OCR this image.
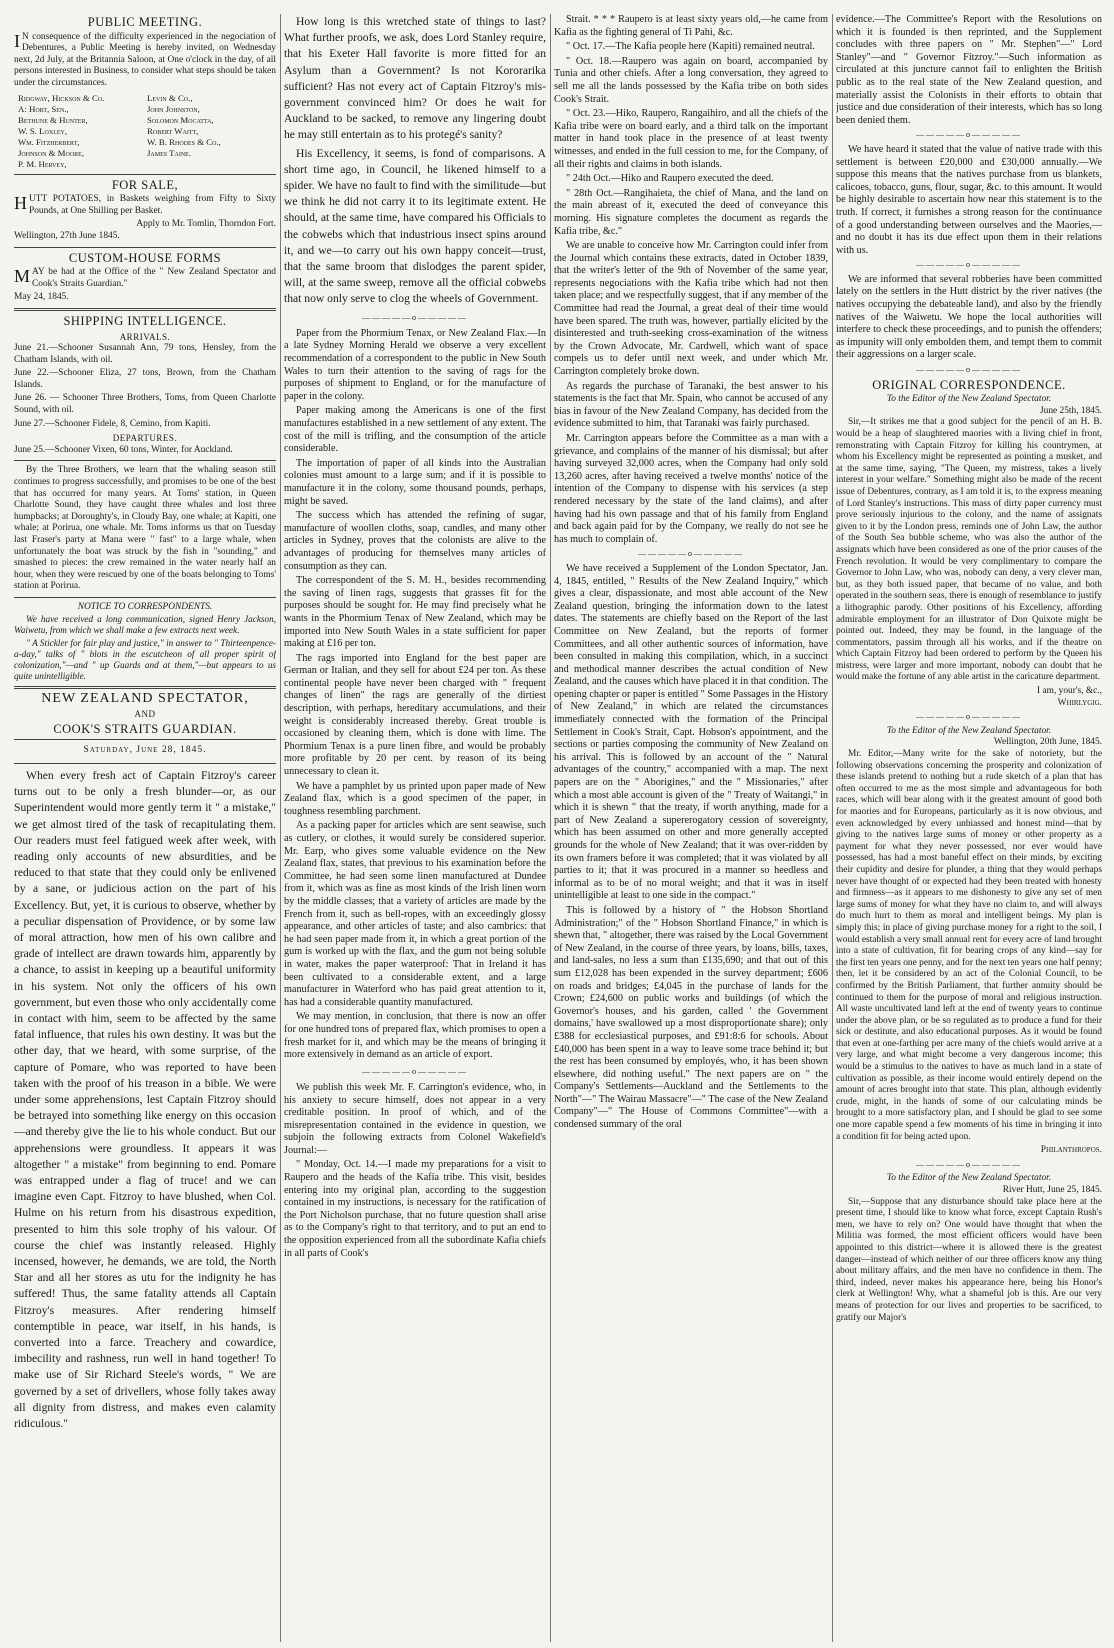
PUBLIC MEETING.

I N consequence of the difficulty experienced in the negociation of Debentures, a Public Meeting is hereby invited, on Wednesday next, 2d July, at the Britannia Saloon, at One o'clock in the day, of all persons interested in Business, to consider what steps should be taken under the circumstances.

Ridgway, Hickson & Co.	Levin & Co.,
A: Hort, Sen.,	John Johnston,
Bethune & Hunter,	Solomon Mocatta,
W. S. Loxley,	Robert Waitt,
Wm. Fitzherbert,	W. B. Rhodes & Co.,
Johnson & Moore,	James Taine.
P. M. Hervey,
FOR SALE,

HUTT POTATOES, in Baskets weighing from Fifty to Sixty Pounds, at One Shilling per Basket.

Apply to Mr. Tomlin, Thorndon Fort.
Wellington, 27th June 1845.
CUSTOM-HOUSE FORMS

MAY be had at the Office of the " New Zealand Spectator and Cook's Straits Guardian."

May 24, 1845.
SHIPPING INTELLIGENCE.
ARRIVALS.

June 21.—Schooner Susannah Ann, 79 tons, Hensley, from the Chatham Islands, with oil.

June 22.—Schooner Eliza, 27 tons, Brown, from the Chatham Islands.

June 26. — Schooner Three Brothers, Toms, from Queen Charlotte Sound, with oil.

June 27.—Schooner Fidele, 8, Cemino, from Kapiti.

DEPARTURES.

June 25.—Schooner Vixen, 60 tons, Winter, for Auckland.

By the Three Brothers, we learn that the whaling season still continues to progress successfully, and promises to be one of the best that has occurred for many years. At Toms' station, in Queen Charlotte Sound, they have caught three whales and lost three humpbacks; at Doroughty's, in Cloudy Bay, one whale; at Kapiti, one whale; at Porirua, one whale. Mr. Toms informs us that on Tuesday last Fraser's party at Mana were " fast" to a large whale, when unfortunately the boat was struck by the fish in "sounding," and smashed to pieces: the crew remained in the water nearly half an hour, when they were rescued by one of the boats belonging to Toms' station at Porirua.

NOTICE TO CORRESPONDENTS.

We have received a long communication, signed Henry Jackson, Waiwetu, from which we shall make a few extracts next week.

" A Stickler for fair play and justice," in answer to " Thirteenpence-a-day," talks of " blots in the escutcheon of all proper spirit of colonization,"—and " up Guards and at them,"—but appears to us quite unintelligible.

NEW ZEALAND SPECTATOR,
AND
COOK'S STRAITS GUARDIAN.
Saturday, June 28, 1845.

When every fresh act of Captain Fitzroy's career turns out to be only a fresh blunder—or, as our Superintendent would more gently term it " a mistake," we get almost tired of the task of recapitulating them. Our readers must feel fatigued week after week, with reading only accounts of new absurdities, and be reduced to that state that they could only be enlivened by a sane, or judicious action on the part of his Excellency. But, yet, it is curious to observe, whether by a peculiar dispensation of Providence, or by some law of moral attraction, how men of his own calibre and grade of intellect are drawn towards him, apparently by a chance, to assist in keeping up a beautiful uniformity in his system. Not only the officers of his own government, but even those who only accidentally come in contact with him, seem to be affected by the same fatal influence, that rules his own destiny. It was but the other day, that we heard, with some surprise, of the capture of Pomare, who was reported to have been taken with the proof of his treason in a bible. We were under some apprehensions, lest Captain Fitzroy should be betrayed into something like energy on this occasion—and thereby give the lie to his whole conduct. But our apprehensions were groundless. It appears it was altogether " a mistake" from beginning to end. Pomare was entrapped under a flag of truce! and we can imagine even Capt. Fitzroy to have blushed, when Col. Hulme on his return from his disastrous expedition, presented to him this sole trophy of his valour. Of course the chief was instantly released. Highly incensed, however, he demands, we are told, the North Star and all her stores as utu for the indignity he has suffered! Thus, the same fatality attends all Captain Fitzroy's measures. After rendering himself contemptible in peace, war itself, in his hands, is converted into a farce. Treachery and cowardice, imbecility and rashness, run well in hand together! To make use of Sir Richard Steele's words, " We are governed by a set of drivellers, whose folly takes away all dignity from distress, and makes even calamity ridiculous."

How long is this wretched state of things to last? What further proofs, we ask, does Lord Stanley require, that his Exeter Hall favorite is more fitted for an Asylum than a Government? Is not Kororarika sufficient? Has not every act of Captain Fitzroy's mis-government convinced him? Or does he wait for Auckland to be sacked, to remove any lingering doubt he may still entertain as to his protegé's sanity?

His Excellency, it seems, is fond of comparisons. A short time ago, in Council, he likened himself to a spider. We have no fault to find with the similitude—but we think he did not carry it to its legitimate extent. He should, at the same time, have compared his Officials to the cobwebs which that industrious insect spins around it, and we—to carry out his own happy conceit—trust, that the same broom that dislodges the parent spider, will, at the same sweep, remove all the official cobwebs that now only serve to clog the wheels of Government.

—————o—————

Paper from the Phormium Tenax, or New Zealand Flax.—In a late Sydney Morning Herald we observe a very excellent recommendation of a correspondent to the public in New South Wales to turn their attention to the saving of rags for the purposes of shipment to England, or for the manufacture of paper in the colony.

Paper making among the Americans is one of the first manufactures established in a new settlement of any extent. The cost of the mill is trifling, and the consumption of the article considerable.

The importation of paper of all kinds into the Australian colonies must amount to a large sum; and if it is possible to manufacture it in the colony, some thousand pounds, perhaps, might be saved.

The success which has attended the refining of sugar, manufacture of woollen cloths, soap, candles, and many other articles in Sydney, proves that the colonists are alive to the advantages of producing for themselves many articles of consumption as they can.

The correspondent of the S. M. H., besides recommending the saving of linen rags, suggests that grasses fit for the purposes should be sought for. He may find precisely what he wants in the Phormium Tenax of New Zealand, which may be imported into New South Wales in a state sufficient for paper making at £16 per ton.

The rags imported into England for the best paper are German or Italian, and they sell for about £24 per ton. As these continental people have never been charged with " frequent changes of linen" the rags are generally of the dirtiest description, with perhaps, hereditary accumulations, and their weight is considerably increased thereby. Great trouble is occasioned by cleaning them, which is done with lime. The Phormium Tenax is a pure linen fibre, and would be probably more profitable by 20 per cent. by reason of its being unnecessary to clean it.

We have a pamphlet by us printed upon paper made of New Zealand flax, which is a good specimen of the paper, in toughness resembling parchment.

As a packing paper for articles which are sent seawise, such as cutlery, or clothes, it would surely be considered superior. Mr. Earp, who gives some valuable evidence on the New Zealand flax, states, that previous to his examination before the Committee, he had seen some linen manufactured at Dundee from it, which was as fine as most kinds of the Irish linen worn by the middle classes; that a variety of articles are made by the French from it, such as bell-ropes, with an exceedingly glossy appearance, and other articles of taste; and also cambrics: that he had seen paper made from it, in which a great portion of the gum is worked up with the flax, and the gum not being soluble in water, makes the paper waterproof: That in Ireland it has been cultivated to a considerable extent, and a large manufacturer in Waterford who has paid great attention to it, has had a considerable quantity manufactured.

We may mention, in conclusion, that there is now an offer for one hundred tons of prepared flax, which promises to open a fresh market for it, and which may be the means of bringing it more extensively in demand as an article of export.

—————o—————

We publish this week Mr. F. Carrington's evidence, who, in his anxiety to secure himself, does not appear in a very creditable position. In proof of which, and of the misrepresentation contained in the evidence in question, we subjoin the following extracts from Colonel Wakefield's Journal:—

" Monday, Oct. 14.—I made my preparations for a visit to Raupero and the heads of the Kafia tribe. This visit, besides entering into my original plan, according to the suggestion contained in my instructions, is necessary for the ratification of the Port Nicholson purchase, that no future question shall arise as to the Company's right to that territory, and to put an end to the opposition experienced from all the subordinate Kafia chiefs in all parts of Cook's

Strait. * * * Raupero is at least sixty years old,—he came from Kafia as the fighting general of Ti Pahi, &c.

" Oct. 17.—The Kafia people here (Kapiti) remained neutral.

" Oct. 18.—Raupero was again on board, accompanied by Tunia and other chiefs. After a long conversation, they agreed to sell me all the lands possessed by the Kafia tribe on both sides Cook's Strait.

" Oct. 23.—Hiko, Raupero, Rangaihiro, and all the chiefs of the Kafia tribe were on board early, and a third talk on the important matter in hand took place in the presence of at least twenty witnesses, and ended in the full cession to me, for the Company, of all their rights and claims in both islands.

" 24th Oct.—Hiko and Raupero executed the deed.

" 28th Oct.—Rangihaieta, the chief of Mana, and the land on the main abreast of it, executed the deed of conveyance this morning. His signature completes the document as regards the Kafia tribe, &c."

We are unable to conceive how Mr. Carrington could infer from the Journal which contains these extracts, dated in October 1839, that the writer's letter of the 9th of November of the same year, represents negociations with the Kafia tribe which had not then taken place; and we respectfully suggest, that if any member of the Committee had read the Journal, a great deal of their time would have been spared. The truth was, however, partially elicited by the disinterested and truth-seeking cross-examination of the witness by the Crown Advocate, Mr. Cardwell, which want of space compels us to defer until next week, and under which Mr. Carrington completely broke down.

As regards the purchase of Taranaki, the best answer to his statements is the fact that Mr. Spain, who cannot be accused of any bias in favour of the New Zealand Company, has decided from the evidence submitted to him, that Taranaki was fairly purchased.

Mr. Carrington appears before the Committee as a man with a grievance, and complains of the manner of his dismissal; but after having surveyed 32,000 acres, when the Company had only sold 13,260 acres, after having received a twelve months' notice of the intention of the Company to dispense with his services (a step rendered necessary by the state of the land claims), and after having had his own passage and that of his family from England and back again paid for by the Company, we really do not see he has much to complain of.

—————o—————

We have received a Supplement of the London Spectator, Jan. 4, 1845, entitled, " Results of the New Zealand Inquiry," which gives a clear, dispassionate, and most able account of the New Zealand question, bringing the information down to the latest dates. The statements are chiefly based on the Report of the last Committee on New Zealand, but the reports of former Committees, and all other authentic sources of information, have been consulted in making this compilation, which, in a succinct and methodical manner describes the actual condition of New Zealand, and the causes which have placed it in that condition. The opening chapter or paper is entitled " Some Passages in the History of New Zealand," in which are related the circumstances immediately connected with the formation of the Principal Settlement in Cook's Strait, Capt. Hobson's appointment, and the sections or parties composing the community of New Zealand on his arrival. This is followed by an account of the " Natural advantages of the country," accompanied with a map. The next papers are on the " Aborigines," and the " Missionaries," after which a most able account is given of the " Treaty of Waitangi," in which it is shewn " that the treaty, if worth anything, made for a part of New Zealand a supererogatory cession of sovereignty, which has been assumed on other and more generally accepted grounds for the whole of New Zealand; that it was over-ridden by its own framers before it was completed; that it was violated by all parties to it; that it was procured in a manner so heedless and informal as to be of no moral weight; and that it was in itself unintelligible at least to one side in the compact."

This is followed by a history of " the Hobson Shortland Administration;" of the " Hobson Shortland Finance," in which is shewn that, " altogether, there was raised by the Local Government of New Zealand, in the course of three years, by loans, bills, taxes, and land-sales, no less a sum than £135,690; and that out of this sum £12,028 has been expended in the survey department; £606 on roads and bridges; £4,045 in the purchase of lands for the Crown; £24,600 on public works and buildings (of which the Governor's houses, and his garden, called ' the Government domains,' have swallowed up a most disproportionate share); only £388 for ecclesiastical purposes, and £91:8:6 for schools. About £40,000 has been spent in a way to leave some trace behind it; but the rest has been consumed by employés, who, it has been shown elsewhere, did nothing useful." The next papers are on " the Company's Settlements—Auckland and the Settlements to the North"—" The Wairau Massacre"—" The case of the New Zealand Company"—" The House of Commons Committee"—with a condensed summary of the oral

evidence.—The Committee's Report with the Resolutions on which it is founded is then reprinted, and the Supplement concludes with three papers on " Mr. Stephen"—" Lord Stanley"—and " Governor Fitzroy."—Such information as circulated at this juncture cannot fail to enlighten the British public as to the real state of the New Zealand question, and materially assist the Colonists in their efforts to obtain that justice and due consideration of their interests, which has so long been denied them.

—————o—————

We have heard it stated that the value of native trade with this settlement is between £20,000 and £30,000 annually.—We suppose this means that the natives purchase from us blankets, calicoes, tobacco, guns, flour, sugar, &c. to this amount. It would be highly desirable to ascertain how near this statement is to the truth. If correct, it furnishes a strong reason for the continuance of a good understanding between ourselves and the Maories,—and no doubt it has its due effect upon them in their relations with us.

—————o—————

We are informed that several robberies have been committed lately on the settlers in the Hutt district by the river natives (the natives occupying the debateable land), and also by the friendly natives of the Waiwetu. We hope the local authorities will interfere to check these proceedings, and to punish the offenders; as impunity will only embolden them, and tempt them to commit their aggressions on a larger scale.

—————o—————
ORIGINAL CORRESPONDENCE.
To the Editor of the New Zealand Spectator.
June 25th, 1845.

Sir,—It strikes me that a good subject for the pencil of an H. B. would be a heap of slaughtered maories with a living chief in front, remonstrating with Captain Fitzroy for killing his countrymen, at whom his Excellency might be represented as pointing a musket, and at the same time, saying, "The Queen, my mistress, takes a lively interest in your welfare." Something might also be made of the recent issue of Debentures, contrary, as I am told it is, to the express meaning of Lord Stanley's instructions. This mass of dirty paper currency must prove seriously injurious to the colony, and the name of assignats given to it by the London press, reminds one of John Law, the author of the South Sea bubble scheme, who was also the author of the assignats which have been considered as one of the prior causes of the French revolution. It would be very complimentary to compare the Governor to John Law, who was, nobody can deny, a very clever man, but, as they both issued paper, that became of no value, and both operated in the southern seas, there is enough of resemblance to justify a lithographic parody. Other positions of his Excellency, affording admirable employment for an illustrator of Don Quixote might be pointed out. Indeed, they may be found, in the language of the commentators, passim through all his works, and if the theatre on which Captain Fitzroy had been ordered to perform by the Queen his mistress, were larger and more important, nobody can doubt that he would make the fortune of any able artist in the caricature department.

I am, your's, &c.,
Whirlygig.
—————o—————
To the Editor of the New Zealand Spectator.
Wellington, 20th June, 1845.

Mr. Editor,—Many write for the sake of notoriety, but the following observations concerning the prosperity and colonization of these islands pretend to nothing but a rude sketch of a plan that has often occurred to me as the most simple and advantageous for both races, which will bear along with it the greatest amount of good both for maories and for Europeans, particularly as it is now obvious, and even acknowledged by every unbiassed and honest mind—that by giving to the natives large sums of money or other property as a payment for what they never possessed, nor ever would have possessed, has had a most baneful effect on their minds, by exciting their cupidity and desire for plunder, a thing that they would perhaps never have thought of or expected had they been treated with honesty and firmness—as it appears to me dishonesty to give any set of men large sums of money for what they have no claim to, and will always do much hurt to them as moral and intelligent beings. My plan is simply this; in place of giving purchase money for a right to the soil, I would establish a very small annual rent for every acre of land brought into a state of cultivation, fit for bearing crops of any kind—say for the first ten years one penny, and for the next ten years one half penny; then, let it be considered by an act of the Colonial Council, to be confirmed by the British Parliament, that further annuity should be continued to them for the purpose of moral and religious instruction. All waste uncultivated land left at the end of twenty years to continue under the above plan, or be so regulated as to produce a fund for their sick or destitute, and also educational purposes. As it would be found that even at one-farthing per acre many of the chiefs would arrive at a very large, and what might become a very dangerous income; this would be a stimulus to the natives to have as much land in a state of cultivation as possible, as their income would entirely depend on the amount of acres brought into that state. This plan, although evidently crude, might, in the hands of some of our calculating minds be brought to a more satisfactory plan, and I should be glad to see some one more capable spend a few moments of his time in bringing it into a condition fit for being acted upon.

Philanthropos.
—————o—————
To the Editor of the New Zealand Spectator.
River Hutt, June 25, 1845.

Sir,—Suppose that any disturbance should take place here at the present time, I should like to know what force, except Captain Rush's men, we have to rely on? One would have thought that when the Militia was formed, the most efficient officers would have been appointed to this district—where it is allowed there is the greatest danger—instead of which neither of our three officers know any thing about military affairs, and the men have no confidence in them. The third, indeed, never makes his appearance here, being his Honor's clerk at Wellington! Why, what a shameful job is this. Are our very means of protection for our lives and properties to be sacrificed, to gratify our Major's
